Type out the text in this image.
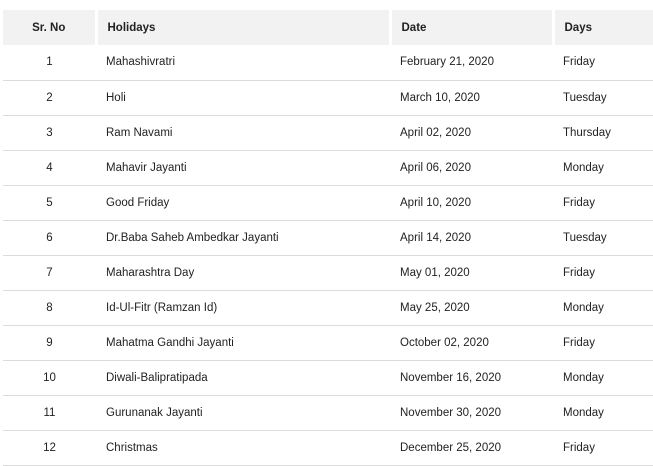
Sr. No	Holidays	Date	Days
1	Mahashivratri	February 21, 2020	Friday
2	Holi	March 10, 2020	Tuesday
3	Ram Navami	April 02, 2020	Thursday
4	Mahavir Jayanti	April 06, 2020	Monday
5	Good Friday	April 10, 2020	Friday
6	Dr.Baba Saheb Ambedkar Jayanti	April 14, 2020	Tuesday
7	Maharashtra Day	May 01, 2020	Friday
8	Id-Ul-Fitr (Ramzan Id)	May 25, 2020	Monday
9	Mahatma Gandhi Jayanti	October 02, 2020	Friday
10	Diwali-Balipratipada	November 16, 2020	Monday
11	Gurunanak Jayanti	November 30, 2020	Monday
12	Christmas	December 25, 2020	Friday
